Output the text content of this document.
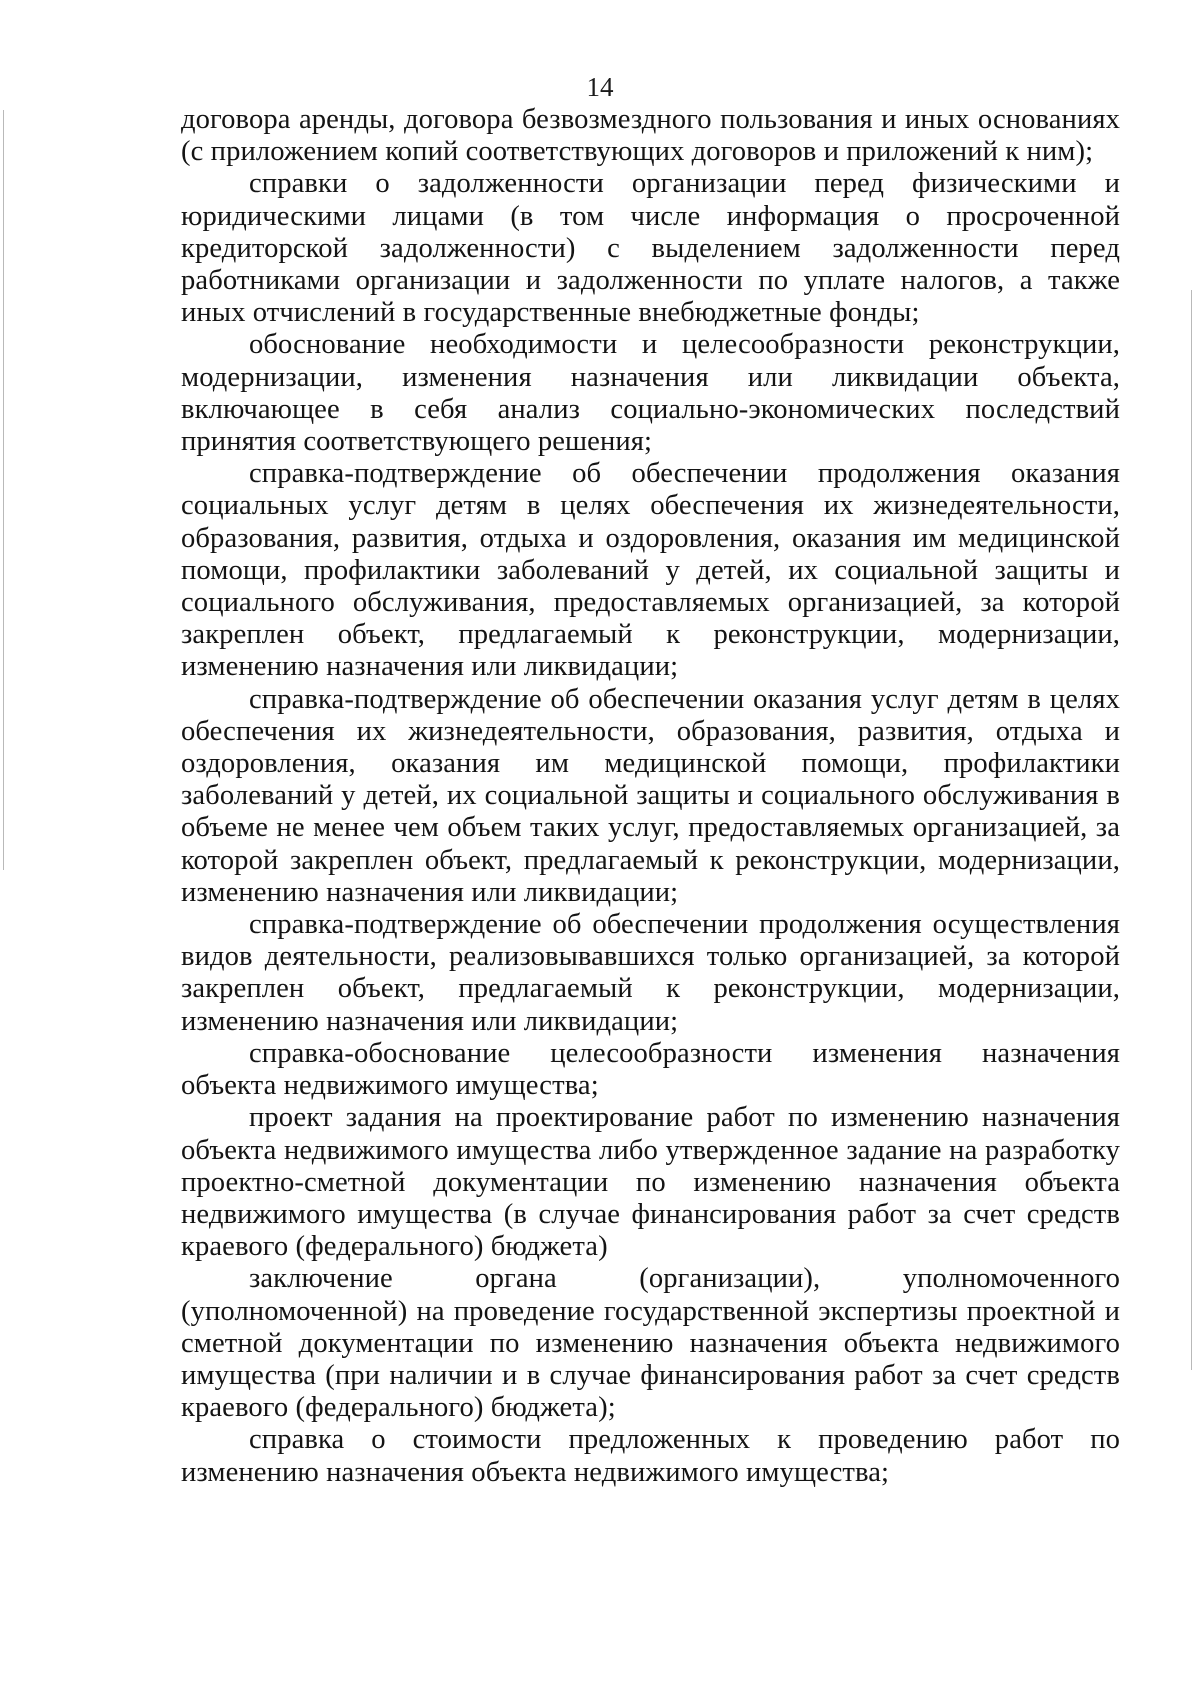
14

договора аренды, договора безвозмездного пользования и иных основаниях (с приложением копий соответствующих договоров и приложений к ним);

справки о задолженности организации перед физическими и юридическими лицами (в том числе информация о просроченной кредиторской задолженности) с выделением задолженности перед работниками организации и задолженности по уплате налогов, а также иных отчислений в государственные внебюджетные фонды;

обоснование необходимости и целесообразности реконструкции, модернизации, изменения назначения или ликвидации объекта, включающее в себя анализ социально-экономических последствий принятия соответствующего решения;

справка-подтверждение об обеспечении продолжения оказания социальных услуг детям в целях обеспечения их жизнедеятельности, образования, развития, отдыха и оздоровления, оказания им медицинской помощи, профилактики заболеваний у детей, их социальной защиты и социального обслуживания, предоставляемых организацией, за которой закреплен объект, предлагаемый к реконструкции, модернизации, изменению назначения или ликвидации;

справка-подтверждение об обеспечении оказания услуг детям в целях обеспечения их жизнедеятельности, образования, развития, отдыха и оздоровления, оказания им медицинской помощи, профилактики заболеваний у детей, их социальной защиты и социального обслуживания в объеме не менее чем объем таких услуг, предоставляемых организацией, за которой закреплен объект, предлагаемый к реконструкции, модернизации, изменению назначения или ликвидации;

справка-подтверждение об обеспечении продолжения осуществления видов деятельности, реализовывавшихся только организацией, за которой закреплен объект, предлагаемый к реконструкции, модернизации, изменению назначения или ликвидации;

справка-обоснование целесообразности изменения назначения объекта недвижимого имущества;

проект задания на проектирование работ по изменению назначения объекта недвижимого имущества либо утвержденное задание на разработку проектно-сметной документации по изменению назначения объекта недвижимого имущества (в случае финансирования работ за счет средств краевого (федерального) бюджета)

заключение органа (организации), уполномоченного (уполномоченной) на проведение государственной экспертизы проектной и сметной документации по изменению назначения объекта недвижимого имущества (при наличии и в случае финансирования работ за счет средств краевого (федерального) бюджета);

справка о стоимости предложенных к проведению работ по изменению назначения объекта недвижимого имущества;
